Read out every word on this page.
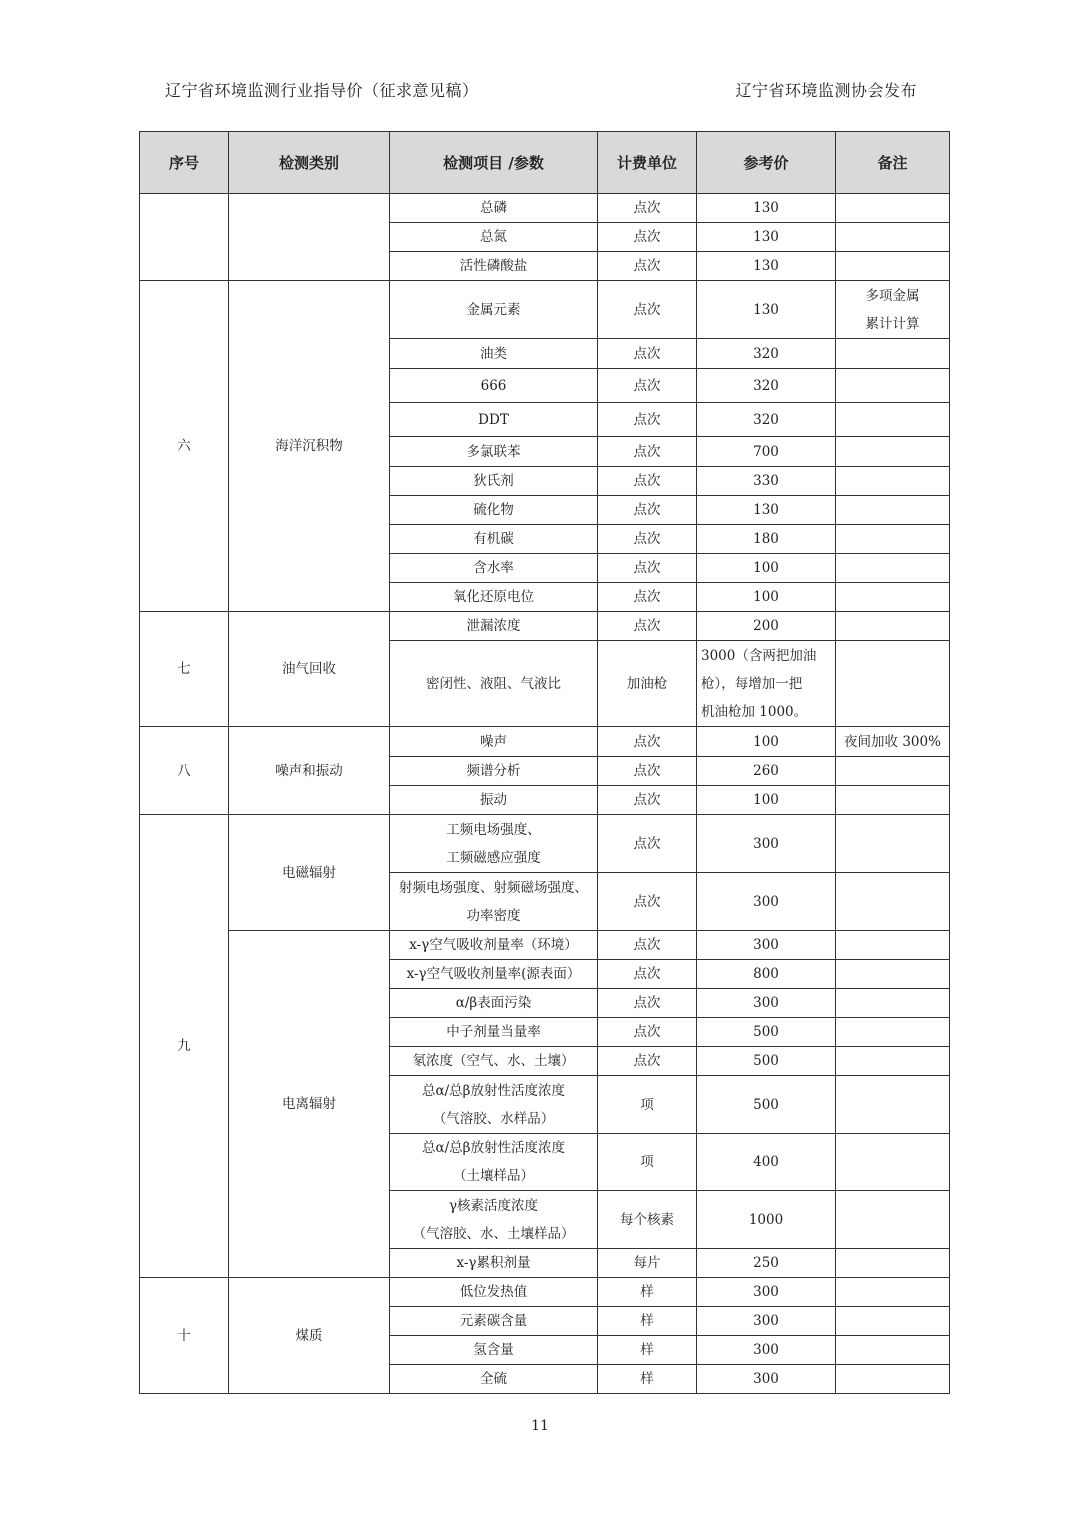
辽宁省环境监测行业指导价（征求意见稿）	辽宁省环境监测协会发布
序号	检测类别	检测项目 /参数	计费单位	参考价	备注
		总磷	点次	130	
		总氮	点次	130	
		活性磷酸盐	点次	130	
六	海洋沉积物	金属元素	点次	130	多项金属
累计计算

		油类	点次	320	
		666	点次	320	
		DDT	点次	320	
		多氯联苯	点次	700	
		狄氏剂	点次	330	
		硫化物	点次	130	
		有机碳	点次	180	
		含水率	点次	100	
		氧化还原电位	点次	100	
七	油气回收	泄漏浓度	点次	200	
		密闭性、液阻、气液比	加油枪	3000（含两把加油
枪），每增加一把
机油枪加 1000。	

八	噪声和振动	噪声	点次	100	夜间加收 300%
		频谱分析	点次	260	
		振动	点次	100	
九	电磁辐射	工频电场强度、
工频磁感应强度	点次	300	

		射频电场强度、射频磁场强度、
功率密度	点次	300	
	电离辐射	x-γ空气吸收剂量率（环境）	点次	300	
		x-γ空气吸收剂量率(源表面）	点次	800	
		α/β表面污染	点次	300	
		中子剂量当量率	点次	500	
		氡浓度（空气、水、土壤）	点次	500	

		总α/总β放射性活度浓度
（气溶胶、水样品）	项	500	

		总α/总β放射性活度浓度
（土壤样品）	项	400	

		γ核素活度浓度
（气溶胶、水、土壤样品）	每个核素	1000	
		x-γ累积剂量	每片	250	
十	煤质	低位发热值	样	300	
		元素碳含量	样	300	
		氢含量	样	300	
		全硫	样	300	
11
